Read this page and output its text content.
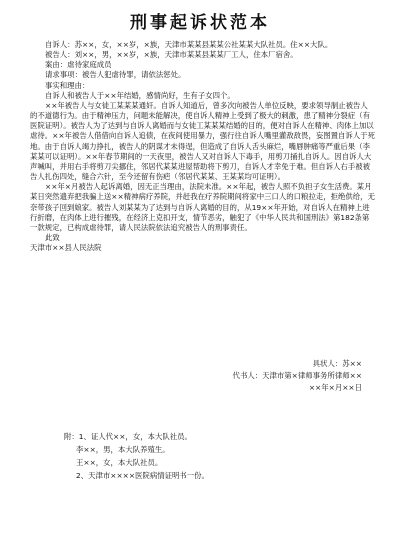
刑事起诉状范本

自诉人：苏××，女，××岁，×族，天津市某某县某某公社某某大队社员。住××大队。

被告人：刘××，男，××岁，×族，天津市某某县某某厂工人，住本厂宿舍。

案由：虐待家庭成员

请求事项：被告人犯虐待罪，请依法惩处。

事实和理由：

自诉人和被告人于××年结婚，感情尚好，生有子女四个。

××年被告人与女徒工某某某通奸。自诉人知道后，曾多次向被告人单位反映，要求领导制止被告人的不道德行为。由于精神压力，问题未能解决，使自诉人精神上受到了极大的刺激，患了精神分裂症（有医院证明）。被告人为了达到与自诉人离婚而与女徒工某某某结婚的目的，便对自诉人在精神、肉体上加以虐待。××年被告人借借向自诉人追债，在夜间使用暴力，强行往自诉人嘴里灌敌敌畏，妄图置自诉人于死地。由于自诉人竭力挣扎，被告人的阴谋才未得逞，但造成了自诉人舌头麻烂，嘴唇肿痛等严重后果（李某某可以证明）。××年春节期间的一天夜里，被告人又对自诉人下毒手，用剪刀捅扎自诉人。因自诉人大声喊叫，并用右手将剪刀尖挪住，邻居代某某进屋帮助将下剪刀，自诉人才幸免于难。但自诉人右手被被告人扎伤四处，缝合六针，至今还留有伤疤（邻居代某某、王某某均可证明）。

××年×月被告人起诉离婚，因无正当理由，法院未准。××年起，被告人照不负担子女生活费。某月某日突然遗弃把我骗上送××精神病疗养院，并赶我在疗养院期间将家中三口人的口粮拉走，拒绝供给，无奈带孩子回到娘家。被告人刘某某为了达到与自诉人离婚的目的，从19××年开始，对自诉人在精神上进行折磨，在肉体上进行摧残，在经济上克扣开支，情节恶劣，触犯了《中华人民共和国刑法》第182条第一款规定，已构成虐待罪，请人民法院依法追究被告人的刑事责任。

此致

天津市××县人民法院

具状人：苏××
代书人：天津市第×律师事务所律师××
××年×月××日

附：1、证人代××，女，本大队社员。

李××，男，本大队养殖生。

王××，女，本大队社员。

2、天津市××××医院病情证明书一份。
